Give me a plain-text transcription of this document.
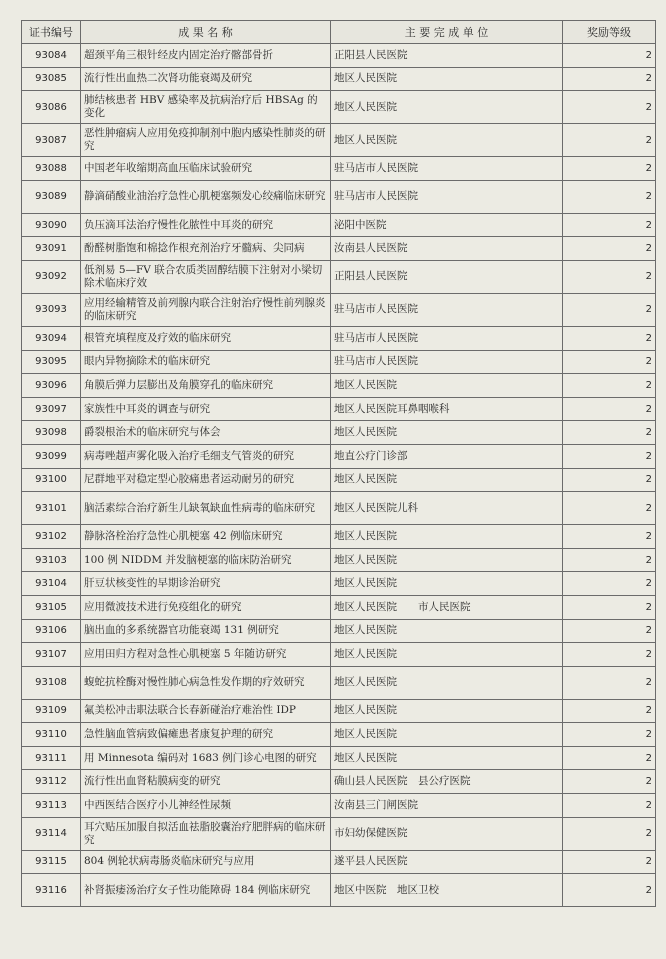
证书编号	成 果 名 称	主 要 完 成 单 位	奖励等级
93084	超颈平角三根针经皮内固定治疗髂部骨折	正阳县人民医院	2
93085	流行性出血热二次肾功能衰竭及研究	地区人民医院	2
93086	肺结核患者 HBV 感染率及抗病治疗后 HBSAg 的变化	地区人民医院	2
93087	恶性肿瘤病人应用免疫抑制剂中胞内感染性肺炎的研究	地区人民医院	2
93088	中国老年收缩期高血压临床试验研究	驻马店市人民医院	2
93089	静滴硝酸业油治疗急性心肌梗塞频发心绞痛临床研究	驻马店市人民医院	2
93090	负压滴耳法治疗慢性化脓性中耳炎的研究	泌阳中医院	2
93091	酚醛树脂饱和棉捻作根充剂治疗牙髓病、尖同病	汝南县人民医院	2
93092	低剂易 5—FV 联合农质类固醇结膜下注射对小梁切除术临床疗效	正阳县人民医院	2
93093	应用经输精管及前列腺内联合注射治疗慢性前列腺炎的临床研究	驻马店市人民医院	2
93094	根管充填程度及疗效的临床研究	驻马店市人民医院	2
93095	眼内异物摘除术的临床研究	驻马店市人民医院	2
93096	角膜后弹力层膨出及角膜穿孔的临床研究	地区人民医院	2
93097	家族性中耳炎的调查与研究	地区人民医院耳鼻咽喉科	2
93098	爵裂根治术的临床研究与体会	地区人民医院	2
93099	病毒唑超声雾化吸入治疗毛细支气管炎的研究	地直公疗门诊部	2
93100	尼群地平对稳定型心胶痛患者运动耐另的研究	地区人民医院	2
93101	脑活素综合治疗新生儿缺氧缺血性病毒的临床研究	地区人民医院儿科	2
93102	静脉洛栓治疗急性心肌梗塞 42 例临床研究	地区人民医院	2
93103	100 例 NIDDM 并发脑梗塞的临床防治研究	地区人民医院	2
93104	肝豆状核变性的早期诊治研究	地区人民医院	2
93105	应用微波技术进行免疫组化的研究	地区人民医院　　市人民医院	2
93106	脑出血的多系统器官功能衰竭 131 例研究	地区人民医院	2
93107	应用田归方程对急性心肌梗塞 5 年随访研究	地区人民医院	2
93108	蝮蛇抗栓酶对慢性肺心病急性发作期的疗效研究	地区人民医院	2
93109	氟美松冲击职法联合长春新碰治疗难治性 IDP	地区人民医院	2
93110	急性脑血管病致偏瘫患者康复护理的研究	地区人民医院	2
93111	用 Minnesota 编码对 1683 例门诊心电图的研究	地区人民医院	2
93112	流行性出血肾粘膜病变的研究	确山县人民医院　县公疗医院	2
93113	中西医结合医疗小儿神经性尿频	汝南县三门闸医院	2
93114	耳穴贴压加服自拟活血祛脂胶囊治疗肥胖病的临床研究	市妇幼保健医院	2
93115	804 例轮状病毒肠炎临床研究与应用	遂平县人民医院	2
93116	补肾振痿汤治疗女子性功能障碍 184 例临床研究	地区中医院　地区卫校	2
